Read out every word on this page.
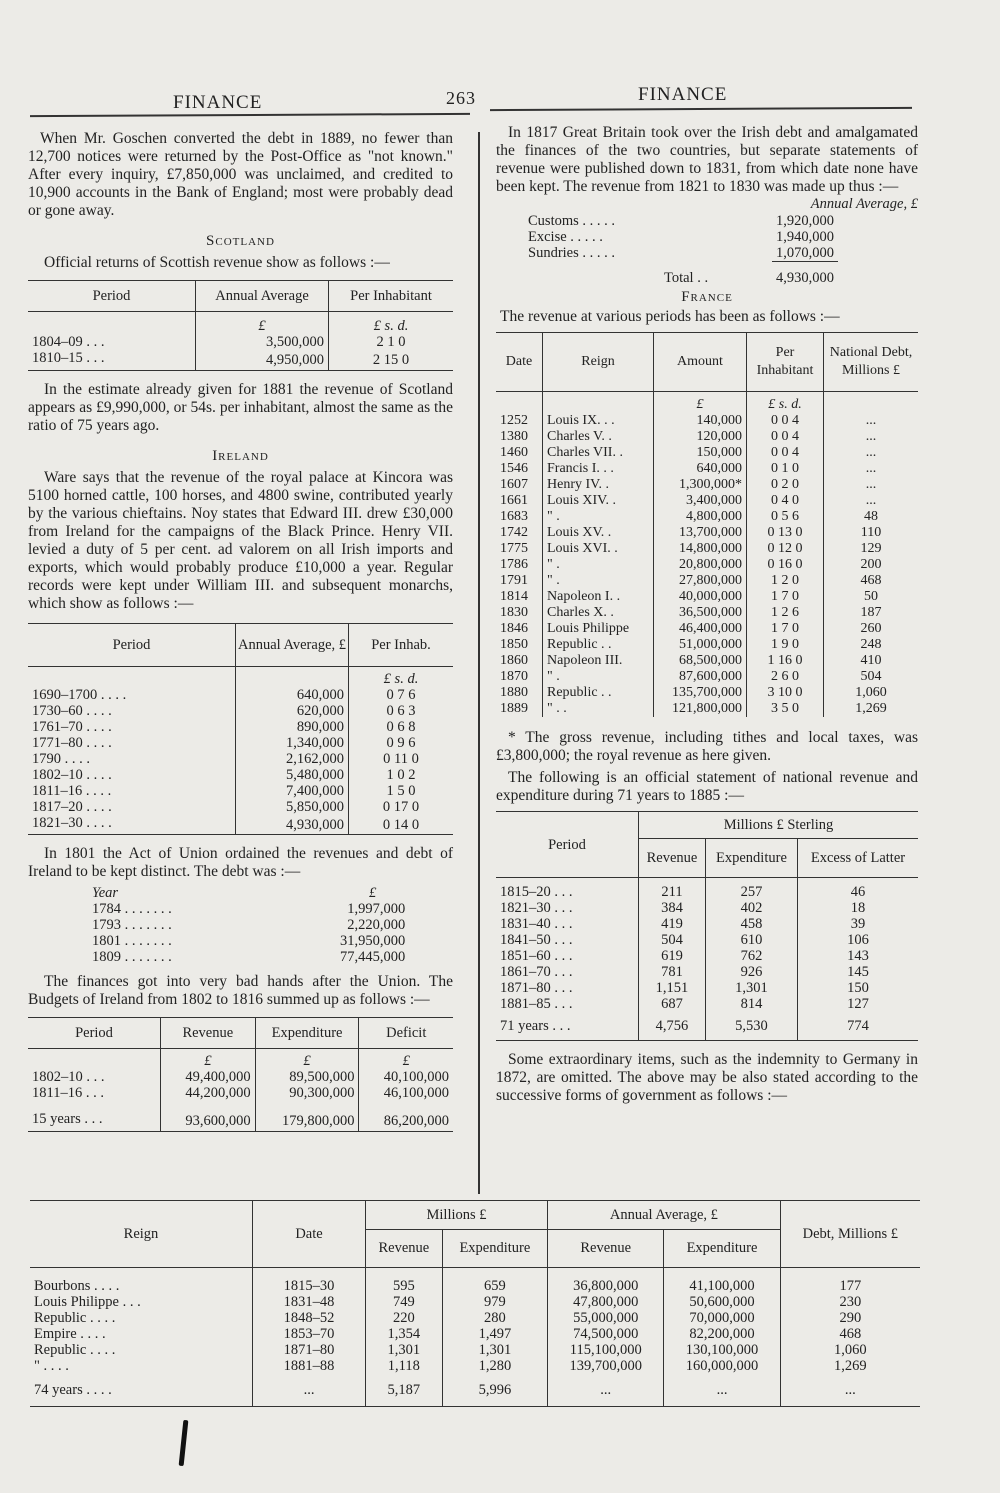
FINANCE	263	FINANCE

When Mr. Goschen converted the debt in 1889, no fewer than 12,700 notices were returned by the Post-Office as "not known." After every inquiry, £7,850,000 was unclaimed, and credited to 10,900 accounts in the Bank of England; most were probably dead or gone away.

Scotland

Official returns of Scottish revenue show as follows :—

Period	Annual Average	Per Inhabitant
	£	£ s. d.
1804–09 . . .	3,500,000	2 1 0
1810–15 . . .	4,950,000	2 15 0

In the estimate already given for 1881 the revenue of Scotland appears as £9,990,000, or 54s. per inhabitant, almost the same as the ratio of 75 years ago.

Ireland

Ware says that the revenue of the royal palace at Kincora was 5100 horned cattle, 100 horses, and 4800 swine, contributed yearly by the various chieftains. Noy states that Edward III. drew £30,000 from Ireland for the campaigns of the Black Prince. Henry VII. levied a duty of 5 per cent. ad valorem on all Irish imports and exports, which would probably produce £10,000 a year. Regular records were kept under William III. and subsequent monarchs, which show as follows :—

Period	Annual Average, £	Per Inhab.
		£ s. d.
1690–1700 . . . .	640,000	0 7 6
1730–60 . . . .	620,000	0 6 3
1761–70 . . . .	890,000	0 6 8
1771–80 . . . .	1,340,000	0 9 6
1790 . . . .	2,162,000	0 11 0
1802–10 . . . .	5,480,000	1 0 2
1811–16 . . . .	7,400,000	1 5 0
1817–20 . . . .	5,850,000	0 17 0
1821–30 . . . .	4,930,000	0 14 0

In 1801 the Act of Union ordained the revenues and debt of Ireland to be kept distinct. The debt was :—

Year	£
1784 . . . . . . .	1,997,000
1793 . . . . . . .	2,220,000
1801 . . . . . . .	31,950,000
1809 . . . . . . .	77,445,000

The finances got into very bad hands after the Union. The Budgets of Ireland from 1802 to 1816 summed up as follows :—

Period	Revenue	Expenditure	Deficit
	£	£	£
1802–10 . . .	49,400,000	89,500,000	40,100,000
1811–16 . . .	44,200,000	90,300,000	46,100,000
15 years . . .	93,600,000	179,800,000	86,200,000

In 1817 Great Britain took over the Irish debt and amalgamated the finances of the two countries, but separate statements of revenue were published down to 1831, from which date none have been kept. The revenue from 1821 to 1830 was made up thus :—

Annual Average, £
Customs . . . . .	1,920,000
Excise . . . . .	1,940,000
Sundries . . . . .	1,070,000
Total . .	4,930,000
France

The revenue at various periods has been as follows :—

Date	Reign	Amount	Per Inhabitant	National Debt, Millions £
		£	£ s. d.	
1252	Louis IX. . .	140,000	0 0 4	...
1380	Charles V. .	120,000	0 0 4	...
1460	Charles VII. .	150,000	0 0 4	...
1546	Francis I. . .	640,000	0 1 0	...
1607	Henry IV. .	1,300,000*	0 2 0	...
1661	Louis XIV. .	3,400,000	0 4 0	...
1683	" .	4,800,000	0 5 6	48
1742	Louis XV. .	13,700,000	0 13 0	110
1775	Louis XVI. .	14,800,000	0 12 0	129
1786	" .	20,800,000	0 16 0	200
1791	" .	27,800,000	1 2 0	468
1814	Napoleon I. .	40,000,000	1 7 0	50
1830	Charles X. .	36,500,000	1 2 6	187
1846	Louis Philippe	46,400,000	1 7 0	260
1850	Republic . .	51,000,000	1 9 0	248
1860	Napoleon III.	68,500,000	1 16 0	410
1870	" .	87,600,000	2 6 0	504
1880	Republic . .	135,700,000	3 10 0	1,060
1889	" . .	121,800,000	3 5 0	1,269

* The gross revenue, including tithes and local taxes, was £3,800,000; the royal revenue as here given.

The following is an official statement of national revenue and expenditure during 71 years to 1885 :—

Period	Millions £ Sterling		
	Revenue	Expenditure	Excess of Latter
1815–20 . . .	211	257	46
1821–30 . . .	384	402	18
1831–40 . . .	419	458	39
1841–50 . . .	504	610	106
1851–60 . . .	619	762	143
1861–70 . . .	781	926	145
1871–80 . . .	1,151	1,301	150
1881–85 . . .	687	814	127
71 years . . .	4,756	5,530	774

Some extraordinary items, such as the indemnity to Germany in 1872, are omitted. The above may be also stated according to the successive forms of government as follows :—

Reign	Date	Millions £		Annual Average, £		Debt, Millions £
		Revenue	Expenditure	Revenue	Expenditure	
Bourbons . . . .	1815–30	595	659	36,800,000	41,100,000	177
Louis Philippe . . .	1831–48	749	979	47,800,000	50,600,000	230
Republic . . . .	1848–52	220	280	55,000,000	70,000,000	290
Empire . . . .	1853–70	1,354	1,497	74,500,000	82,200,000	468
Republic . . . .	1871–80	1,301	1,301	115,100,000	130,100,000	1,060
" . . . .	1881–88	1,118	1,280	139,700,000	160,000,000	1,269
74 years . . . .	...	5,187	5,996	...	...	...
